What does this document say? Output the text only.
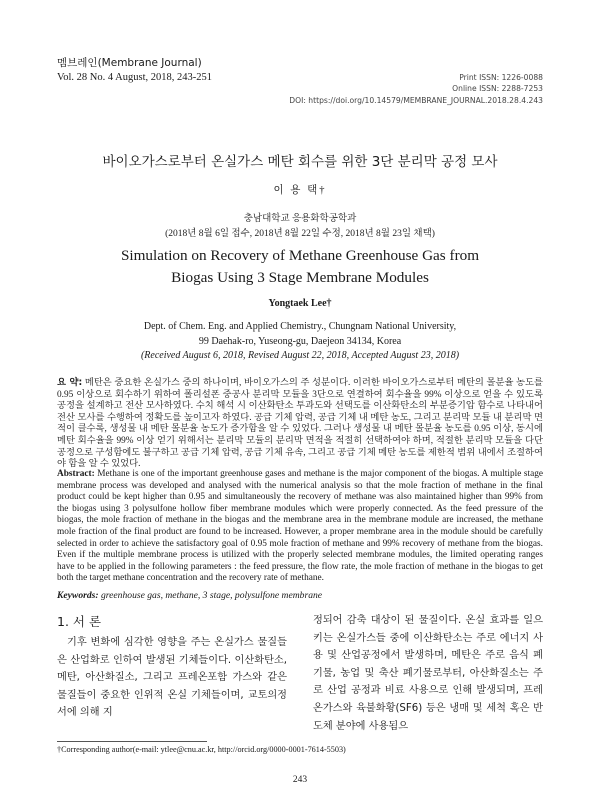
멤브레인(Membrane Journal)
Vol. 28 No. 4 August, 2018, 243-251	Print ISSN: 1226-0088
Online ISSN: 2288-7253
DOI: https://doi.org/10.14579/MEMBRANE_JOURNAL.2018.28.4.243
바이오가스로부터 온실가스 메탄 회수를 위한 3단 분리막 공정 모사
이 용 택†
충남대학교 응용화학공학과
(2018년 8월 6일 접수, 2018년 8월 22일 수정, 2018년 8월 23일 채택)
Simulation on Recovery of Methane Greenhouse Gas from
Biogas Using 3 Stage Membrane Modules
Yongtaek Lee†
Dept. of Chem. Eng. and Applied Chemistry., Chungnam National University,
99 Daehak-ro, Yuseong-gu, Daejeon 34134, Korea
(Received August 6, 2018, Revised August 22, 2018, Accepted August 23, 2018)
요 약: 메탄은 중요한 온실가스 중의 하나이며, 바이오가스의 주 성분이다. 이러한 바이오가스로부터 메탄의 몰분율 농도를 0.95 이상으로 회수하기 위하여 폴리설폰 중공사 분리막 모듈을 3단으로 연결하여 회수율을 99% 이상으로 얻을 수 있도록 공정을 설계하고 전산 모사하였다. 수치 해석 시 이산화탄소 투과도와 선택도를 이산화탄소의 부분증기압 함수로 나타내어 전산 모사를 수행하여 정확도를 높이고자 하였다. 공급 기체 압력, 공급 기체 내 메탄 농도, 그리고 분리막 모듈 내 분리막 면적이 클수록, 생성물 내 메탄 몰분율 농도가 증가함을 알 수 있었다. 그러나 생성물 내 메탄 몰분율 농도를 0.95 이상, 동시에 메탄 회수율을 99% 이상 얻기 위해서는 분리막 모듈의 분리막 면적을 적절히 선택하여야 하며, 적절한 분리막 모듈을 다단 공정으로 구성함에도 불구하고 공급 기체 압력, 공급 기체 유속, 그리고 공급 기체 메탄 농도를 제한적 범위 내에서 조절하여야 함을 알 수 있었다.
Abstract: Methane is one of the important greenhouse gases and methane is the major component of the biogas. A multiple stage membrane process was developed and analysed with the numerical analysis so that the mole fraction of methane in the final product could be kept higher than 0.95 and simultaneously the recovery of methane was also maintained higher than 99% from the biogas using 3 polysulfone hollow fiber membrane modules which were properly connected. As the feed pressure of the biogas, the mole fraction of methane in the biogas and the membrane area in the membrane module are increased, the methane mole fraction of the final product are found to be increased. However, a proper membrane area in the module should be carefully selected in order to achieve the satisfactory goal of 0.95 mole fraction of methane and 99% recovery of methane from the biogas. Even if the multiple membrane process is utilized with the properly selected membrane modules, the limited operating ranges have to be applied in the following parameters : the feed pressure, the flow rate, the mole fraction of methane in the biogas to get both the target methane concentration and the recovery rate of methane.
Keywords: greenhouse gas, methane, 3 stage, polysulfone membrane
1. 서 론
기후 변화에 심각한 영향을 주는 온실가스 물질들은 산업화로 인하여 발생된 기체들이다. 이산화탄소, 메탄, 아산화질소, 그리고 프레온포함 가스와 같은 물질들이 중요한 인위적 온실 기체들이며, 교토의정서에 의해 지
정되어 감축 대상이 된 물질이다. 온실 효과를 일으키는 온실가스들 중에 이산화탄소는 주로 에너지 사용 및 산업공정에서 발생하며, 메탄은 주로 음식 폐기물, 농업 및 축산 폐기물로부터, 아산화질소는 주로 산업 공정과 비료 사용으로 인해 발생되며, 프레온가스와 육불화황(SF6) 등은 냉매 및 세척 혹은 반도체 분야에 사용됨으
†Corresponding author(e-mail: ytlee@cnu.ac.kr, http://orcid.org/0000-0001-7614-5503)
243
